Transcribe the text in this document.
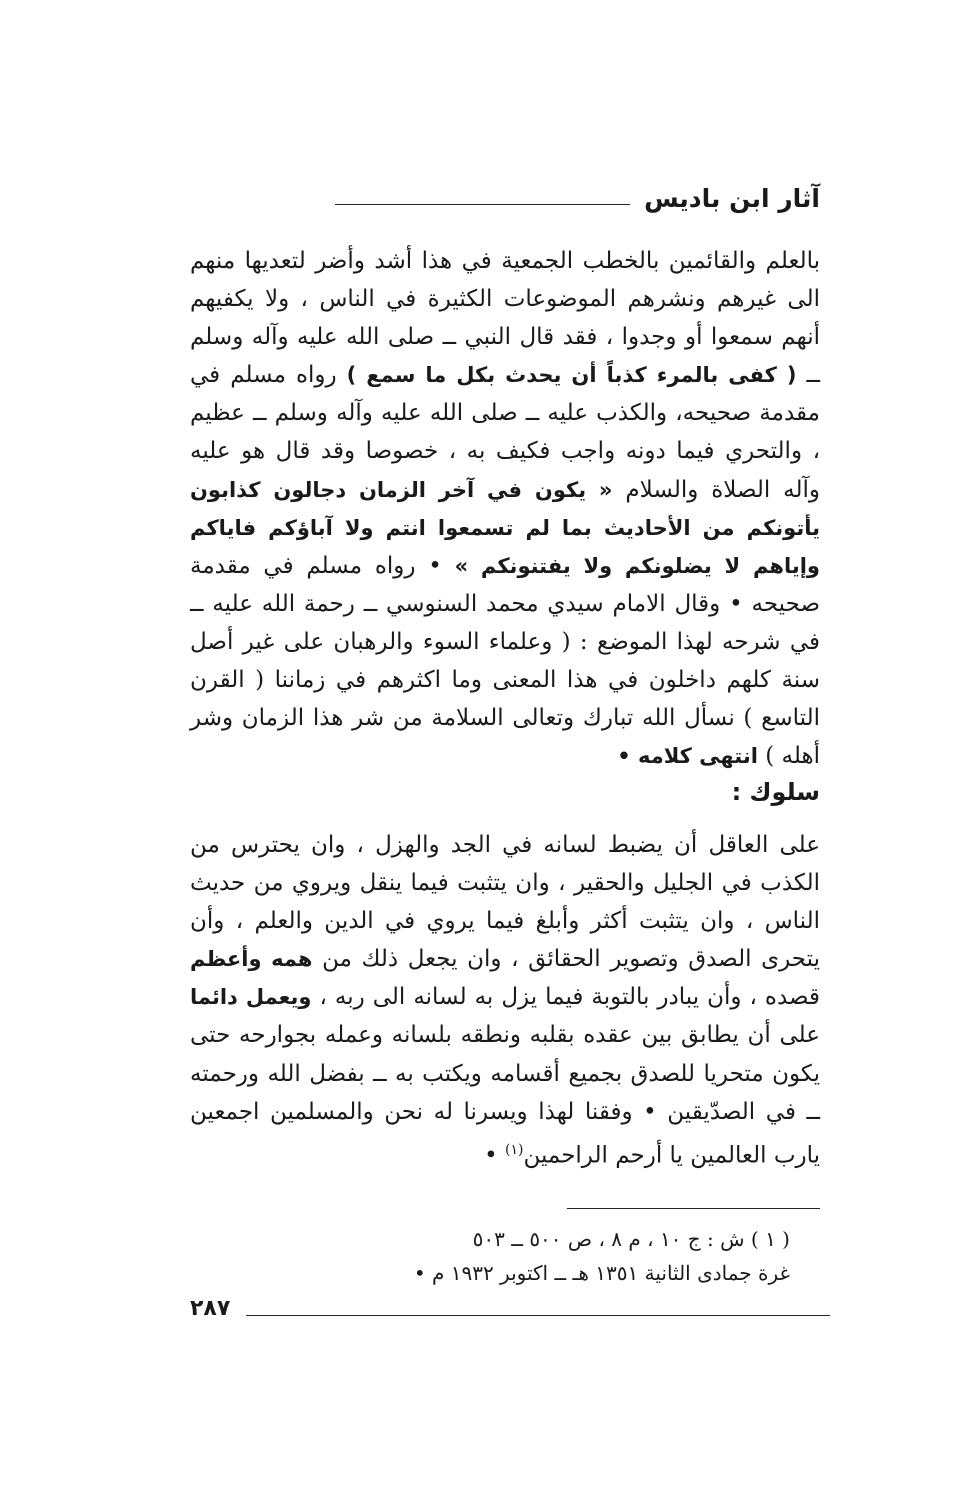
آثار ابن باديس

بالعلم والقائمين بالخطب الجمعية في هذا أشد وأضر لتعديها منهم الى غيرهم ونشرهم الموضوعات الكثيرة في الناس ، ولا يكفيهم أنهم سمعوا أو وجدوا ، فقد قال النبي ــ صلى الله عليه وآله وسلم ــ ( كفى بالمرء كذباً أن يحدث بكل ما سمع ) رواه مسلم في مقدمة صحيحه، والكذب عليه ــ صلى الله عليه وآله وسلم ــ عظيم ، والتحري فيما دونه واجب فكيف به ، خصوصا وقد قال هو عليه وآله الصلاة والسلام « يكون في آخر الزمان دجالون كذابون يأتونكم من الأحاديث بما لم تسمعوا انتم ولا آباؤكم فاياكم وإياهم لا يضلونكم ولا يفتنونكم » • رواه مسلم في مقدمة صحيحه • وقال الامام سيدي محمد السنوسي ــ رحمة الله عليه ــ في شرحه لهذا الموضع : ( وعلماء السوء والرهبان على غير أصل سنة كلهم داخلون في هذا المعنى وما اكثرهم في زماننا ( القرن التاسع ) نسأل الله تبارك وتعالى السلامة من شر هذا الزمان وشر أهله ) انتهى كلامه •

سلوك :

على العاقل أن يضبط لسانه في الجد والهزل ، وان يحترس من الكذب في الجليل والحقير ، وان يتثبت فيما ينقل ويروي من حديث الناس ، وان يتثبت أكثر وأبلغ فيما يروي في الدين والعلم ، وأن يتحرى الصدق وتصوير الحقائق ، وان يجعل ذلك من همه وأعظم قصده ، وأن يبادر بالتوبة فيما يزل به لسانه الى ربه ، ويعمل دائما على أن يطابق بين عقده بقلبه ونطقه بلسانه وعمله بجوارحه حتى يكون متحريا للصدق بجميع أقسامه ويكتب به ــ بفضل الله ورحمته ــ في الصدّيقين • وفقنا لهذا ويسرنا له نحن والمسلمين اجمعين يارب العالمين يا أرحم الراحمين$^{(١)}$ •

( ١ ) ش : ج ١٠ ، م ٨ ، ص ٥٠٠ ــ ٥٠٣
غرة جمادى الثانية ١٣٥١ هـ ــ اكتوبر ١٩٣٢ م •
٢٨٧
